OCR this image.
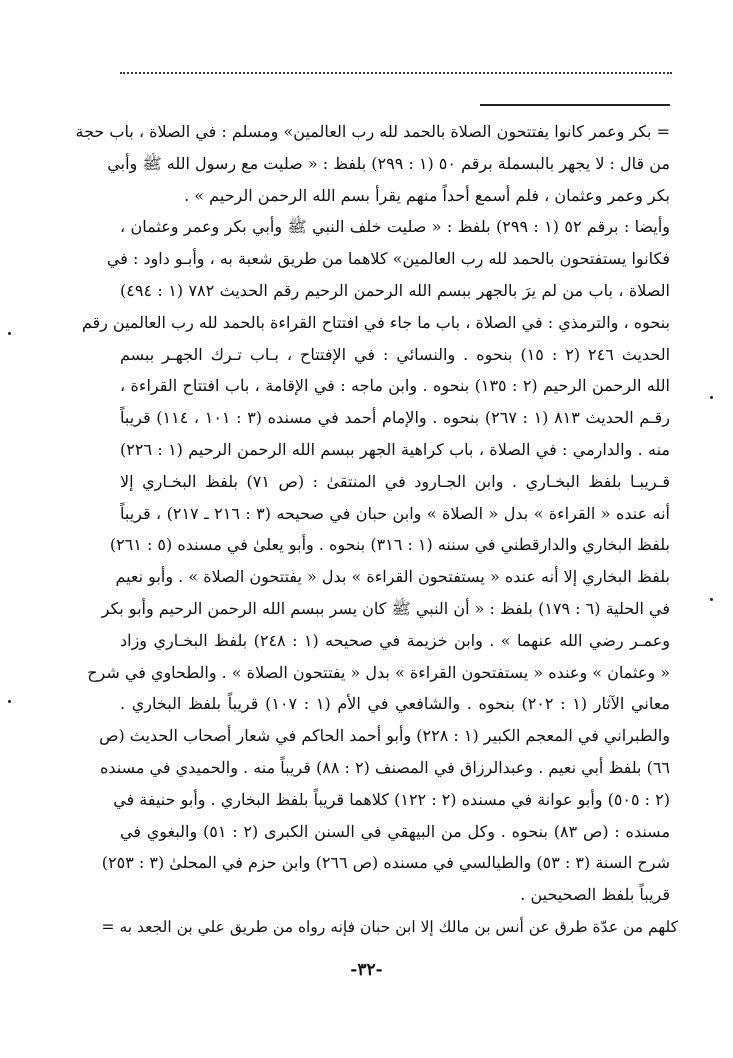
= بكر وعمر كانوا يفتتحون الصلاة بالحمد لله رب العالمين» ومسلم : في الصلاة ، باب حجة
من قال : لا يجهر بالبسملة برقم ٥٠ (١ : ٢٩٩) بلفظ : « صليت مع رسول الله ﷺ وأبي
بكر وعمر وعثمان ، فلم أسمع أحداً منهم يقرأ بسم الله الرحمن الرحيم » .
وأيضا : برقم ٥٢ (١ : ٢٩٩) بلفظ : « صليت خلف النبي ﷺ وأبي بكر وعمر وعثمان ،
فكانوا يستفتحون بالحمد لله رب العالمين» كلاهما من طريق شعبة به ، وأبـو داود : في
الصلاة ، باب من لم يرَ بالجهر ببسم الله الرحمن الرحيم رقم الحديث ٧٨٢ (١ : ٤٩٤)
بنحوه ، والترمذي : في الصلاة ، باب ما جاء في افتتاح القراءة بالحمد لله رب العالمين رقم
الحديث ٢٤٦ (٢ : ١٥) بنحوه . والنسائي : في الإفتتاح ، بـاب تـرك الجهـر ببسم
الله الرحمن الرحيم (٢ : ١٣٥) بنحوه . وابن ماجه : في الإقامة ، باب افتتاح القراءة ،
رقـم الحديث ٨١٣ (١ : ٢٦٧) بنحوه . والإمام أحمد في مسنده (٣ : ١٠١ ، ١١٤) قريباً
منه . والدارمي : في الصلاة ، باب كراهية الجهر ببسم الله الرحمن الرحيم (١ : ٢٢٦)
قـريبـا بلفظ البخـاري . وابن الجـارود في المنتقىٰ : (ص ٧١) بلفظ البخـاري إلا
أنه عنده « القراءة » بدل « الصلاة » وابن حبان في صحيحه (٣ : ٢١٦ ـ ٢١٧) ، قريباً
بلفظ البخاري والدارقطني في سننه (١ : ٣١٦) بنحوه . وأبو يعلىٰ في مسنده (٥ : ٢٦١)
بلفظ البخاري إلا أنه عنده « يستفتحون القراءة » بدل « يفتتحون الصلاة » . وأبو نعيم
في الحلية (٦ : ١٧٩) بلفظ : « أن النبي ﷺ كان يسر ببسم الله الرحمن الرحيم وأبو بكر
وعمـر رضي الله عنهما » . وابن خزيمة في صحيحه (١ : ٢٤٨) بلفظ البخـاري وزاد
« وعثمان » وعنده « يستفتحون القراءة » بدل « يفتتحون الصلاة » . والطحاوي في شرح
معاني الآثار (١ : ٢٠٢) بنحوه . والشافعي في الأم (١ : ١٠٧) قريباً بلفظ البخاري .
والطبراني في المعجم الكبير (١ : ٢٢٨) وأبو أحمد الحاكم في شعار أصحاب الحديث (ص
٦٦) بلفظ أبي نعيم . وعبدالرزاق في المصنف (٢ : ٨٨) قريباً منه . والحميدي في مسنده
(٢ : ٥٠٥) وأبو عوانة في مسنده (٢ : ١٢٢) كلاهما قريباً بلفظ البخاري . وأبو حنيفة في
مسنده : (ص ٨٣) بنحوه . وكل من البيهقي في السنن الكبرى (٢ : ٥١) والبغوي في
شرح السنة (٣ : ٥٣) والطيالسي في مسنده (ص ٢٦٦) وابن حزم في المحلىٰ (٣ : ٢٥٣)
قريباً بلفظ الصحيحين .
كلهم من عدّة طرق عن أنس بن مالك إلا ابن حبان فإنه رواه من طريق علي بن الجعد به =
-٣٢-
